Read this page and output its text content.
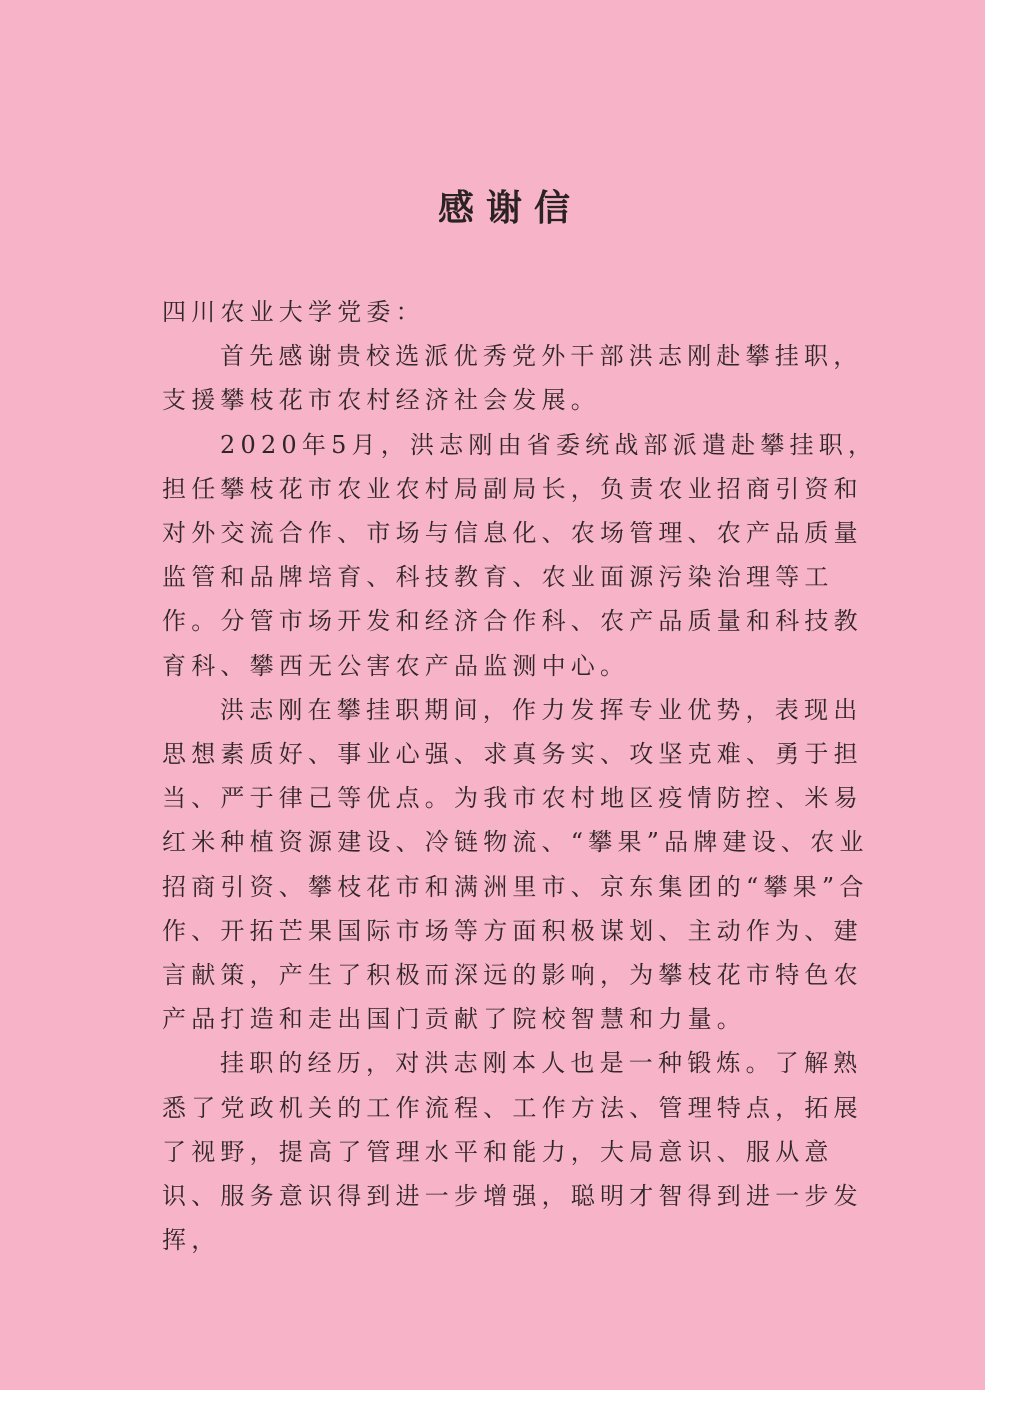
感谢信

四川农业大学党委：

首先感谢贵校选派优秀党外干部洪志刚赴攀挂职，支援攀枝花市农村经济社会发展。

2020年5月，洪志刚由省委统战部派遣赴攀挂职，担任攀枝花市农业农村局副局长，负责农业招商引资和对外交流合作、市场与信息化、农场管理、农产品质量监管和品牌培育、科技教育、农业面源污染治理等工作。分管市场开发和经济合作科、农产品质量和科技教育科、攀西无公害农产品监测中心。

洪志刚在攀挂职期间，作力发挥专业优势，表现出思想素质好、事业心强、求真务实、攻坚克难、勇于担当、严于律己等优点。为我市农村地区疫情防控、米易红米种植资源建设、冷链物流、“攀果”品牌建设、农业招商引资、攀枝花市和满洲里市、京东集团的“攀果”合作、开拓芒果国际市场等方面积极谋划、主动作为、建言献策，产生了积极而深远的影响，为攀枝花市特色农产品打造和走出国门贡献了院校智慧和力量。

挂职的经历，对洪志刚本人也是一种锻炼。了解熟悉了党政机关的工作流程、工作方法、管理特点，拓展了视野，提高了管理水平和能力，大局意识、服从意识、服务意识得到进一步增强，聪明才智得到进一步发挥，
